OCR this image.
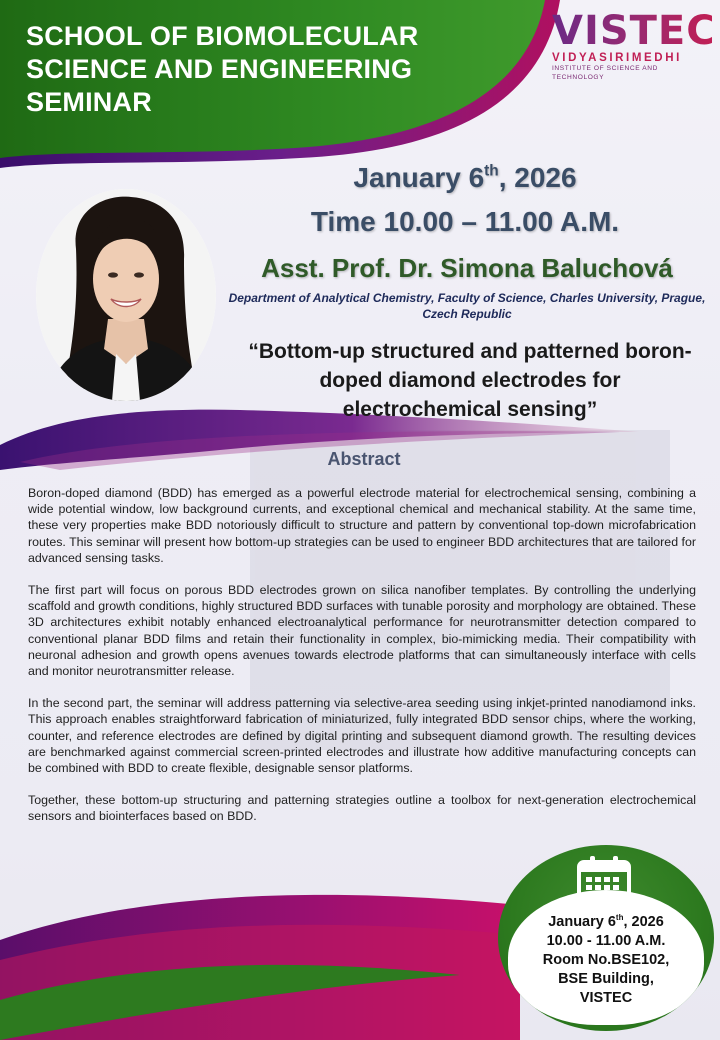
SCHOOL OF BIOMOLECULAR
SCIENCE AND ENGINEERING
SEMINAR
VISTEC
VIDYASIRIMEDHI
INSTITUTE OF SCIENCE AND TECHNOLOGY
January 6th, 2026
Time 10.00 – 11.00 A.M.
Asst. Prof. Dr. Simona Baluchová
Department of Analytical Chemistry, Faculty of Science, Charles University, Prague, Czech Republic
“Bottom-up structured and patterned boron-doped diamond electrodes for electrochemical sensing”
Abstract

Boron-doped diamond (BDD) has emerged as a powerful electrode material for electrochemical sensing, combining a wide potential window, low background currents, and exceptional chemical and mechanical stability. At the same time, these very properties make BDD notoriously difficult to structure and pattern by conventional top-down microfabrication routes. This seminar will present how bottom-up strategies can be used to engineer BDD architectures that are tailored for advanced sensing tasks.

The first part will focus on porous BDD electrodes grown on silica nanofiber templates. By controlling the underlying scaffold and growth conditions, highly structured BDD surfaces with tunable porosity and morphology are obtained. These 3D architectures exhibit notably enhanced electroanalytical performance for neurotransmitter detection compared to conventional planar BDD films and retain their functionality in complex, bio-mimicking media. Their compatibility with neuronal adhesion and growth opens avenues towards electrode platforms that can simultaneously interface with cells and monitor neurotransmitter release.

In the second part, the seminar will address patterning via selective-area seeding using inkjet-printed nanodiamond inks. This approach enables straightforward fabrication of miniaturized, fully integrated BDD sensor chips, where the working, counter, and reference electrodes are defined by digital printing and subsequent diamond growth. The resulting devices are benchmarked against commercial screen-printed electrodes and illustrate how additive manufacturing concepts can be combined with BDD to create flexible, designable sensor platforms.

Together, these bottom-up structuring and patterning strategies outline a toolbox for next-generation electrochemical sensors and biointerfaces based on BDD.

January 6th, 2026
10.00 - 11.00 A.M.
Room No.BSE102,
BSE Building,
VISTEC
